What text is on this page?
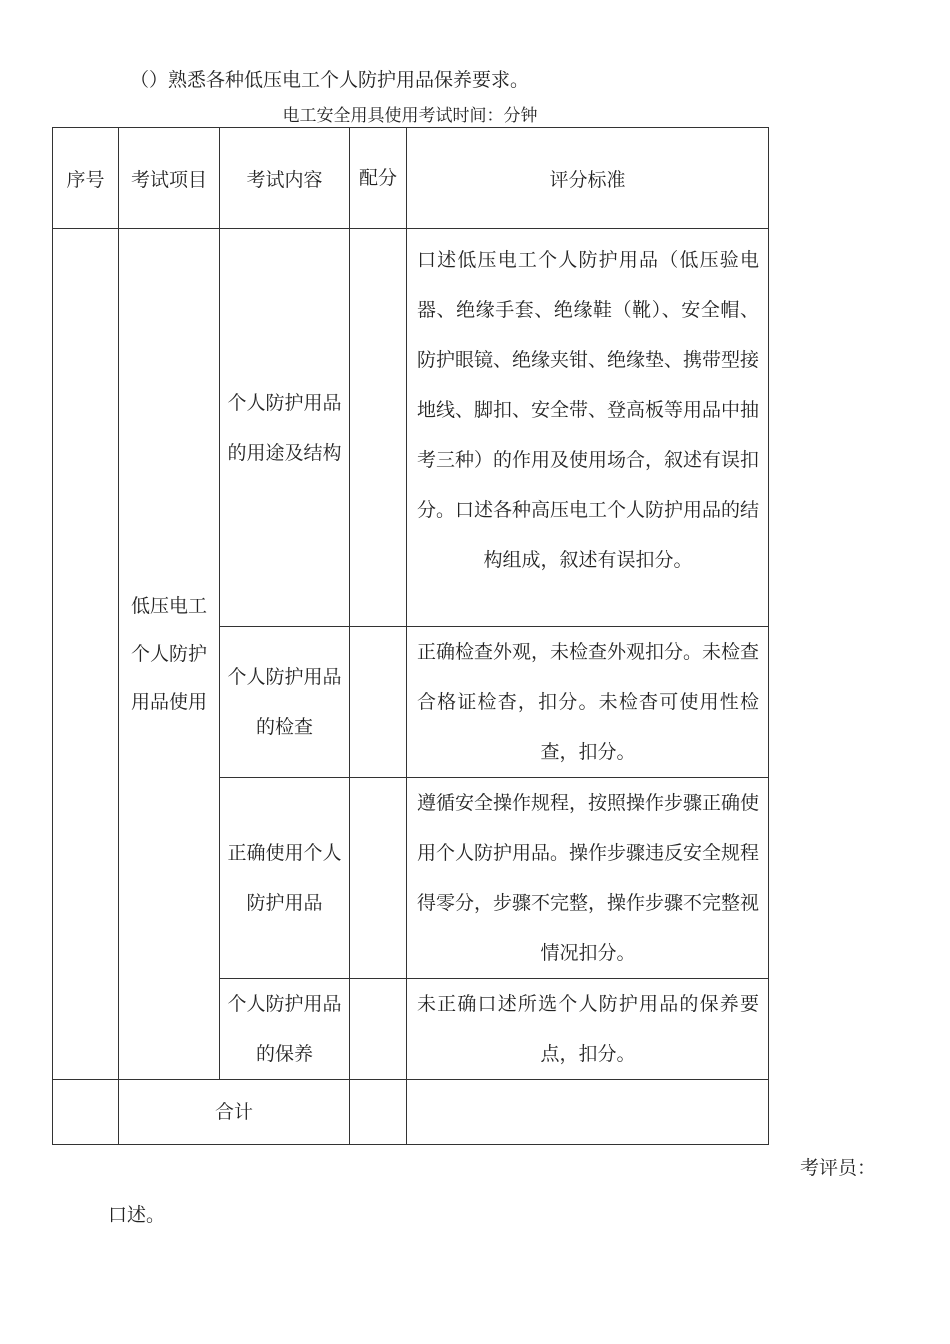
（）熟悉各种低压电工个人防护用品保养要求。
电工安全用具使用考试时间：分钟
序号	考试项目	考试内容	配分	评分标准
	低压电工个人防护用品使用	个人防护用品的用途及结构		口述低压电工个人防护用品（低压验电器、绝缘手套、绝缘鞋（靴）、安全帽、防护眼镜、绝缘夹钳、绝缘垫、携带型接地线、脚扣、安全带、登高板等用品中抽考三种）的作用及使用场合，叙述有误扣分。口述各种高压电工个人防护用品的结构组成，叙述有误扣分。
		个人防护用品的检查		正确检查外观，未检查外观扣分。未检查合格证检杳，扣分。未检杳可使用性检查，扣分。
		正确使用个人防护用品		遵循安全操作规程，按照操作步骤正确使用个人防护用品。操作步骤违反安全规程得零分，步骤不完整，操作步骤不完整视情况扣分。
		个人防护用品的保养		未正确口述所选个人防护用品的保养要点，扣分。
	合计			
考评员：
口述。
